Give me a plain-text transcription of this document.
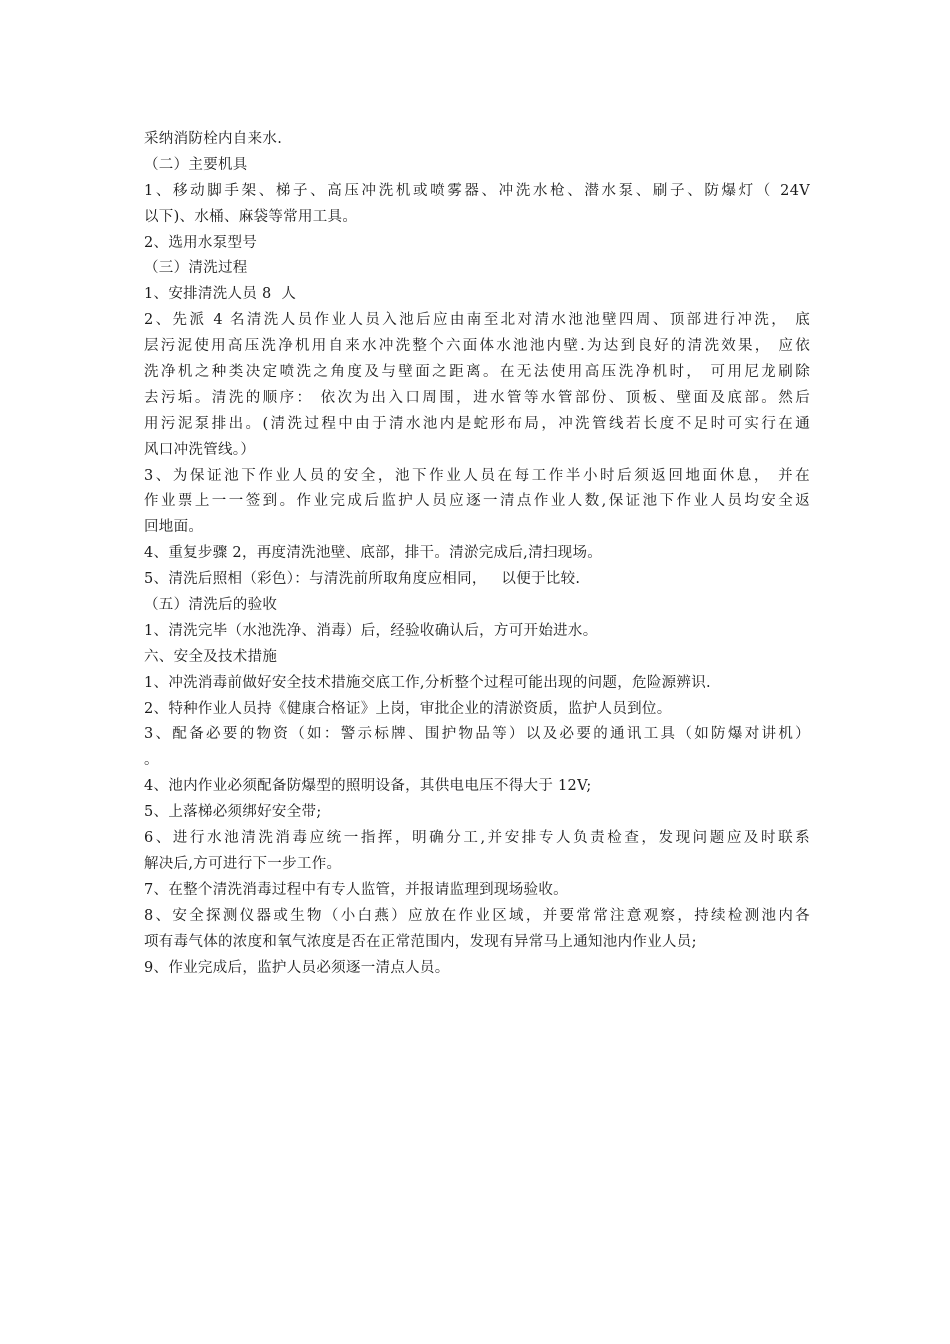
采纳消防栓内自来水.
（二）主要机具
1、移动脚手架、梯子、高压冲洗机或喷雾器、冲洗水枪、潜水泵、刷子、防爆灯（ 24V
以下)、水桶、麻袋等常用工具。
2、选用水泵型号
（三）清洗过程
1、安排清洗人员 8  人
2、先派 4 名清洗人员作业人员入池后应由南至北对清水池池壁四周、顶部进行冲洗， 底
层污泥使用高压洗净机用自来水冲洗整个六面体水池池内壁.为达到良好的清洗效果， 应依
洗净机之种类决定喷洗之角度及与壁面之距离。在无法使用高压洗净机时， 可用尼龙刷除
去污垢。清洗的顺序： 依次为出入口周围，进水管等水管部份、顶板、壁面及底部。然后
用污泥泵排出。(清洗过程中由于清水池内是蛇形布局，冲洗管线若长度不足时可实行在通
风口冲洗管线。）
3、为保证池下作业人员的安全，池下作业人员在每工作半小时后须返回地面休息， 并在
作业票上一一签到。作业完成后监护人员应逐一清点作业人数,保证池下作业人员均安全返
回地面。
4、重复步骤 2，再度清洗池壁、底部，排干。清淤完成后,清扫现场。
5、清洗后照相（彩色）：与清洗前所取角度应相同，   以便于比较.
（五）清洗后的验收
1、清洗完毕（水池洗净、消毒）后，经验收确认后，方可开始进水。
六、安全及技术措施
1、冲洗消毒前做好安全技术措施交底工作,分析整个过程可能出现的问题，危险源辨识.
2、特种作业人员持《健康合格证》上岗，审批企业的清淤资质，监护人员到位。
3、配备必要的物资（如：警示标牌、围护物品等）以及必要的通讯工具（如防爆对讲机）
。
4、池内作业必须配备防爆型的照明设备，其供电电压不得大于 12V;
5、上落梯必须绑好安全带;
6、进行水池清洗消毒应统一指挥，明确分工,并安排专人负责检查，发现问题应及时联系
解决后,方可进行下一步工作。
7、在整个清洗消毒过程中有专人监管，并报请监理到现场验收。
8、安全探测仪器或生物（小白燕）应放在作业区域，并要常常注意观察，持续检测池内各
项有毒气体的浓度和氧气浓度是否在正常范围内，发现有异常马上通知池内作业人员;
9、作业完成后，监护人员必须逐一清点人员。
